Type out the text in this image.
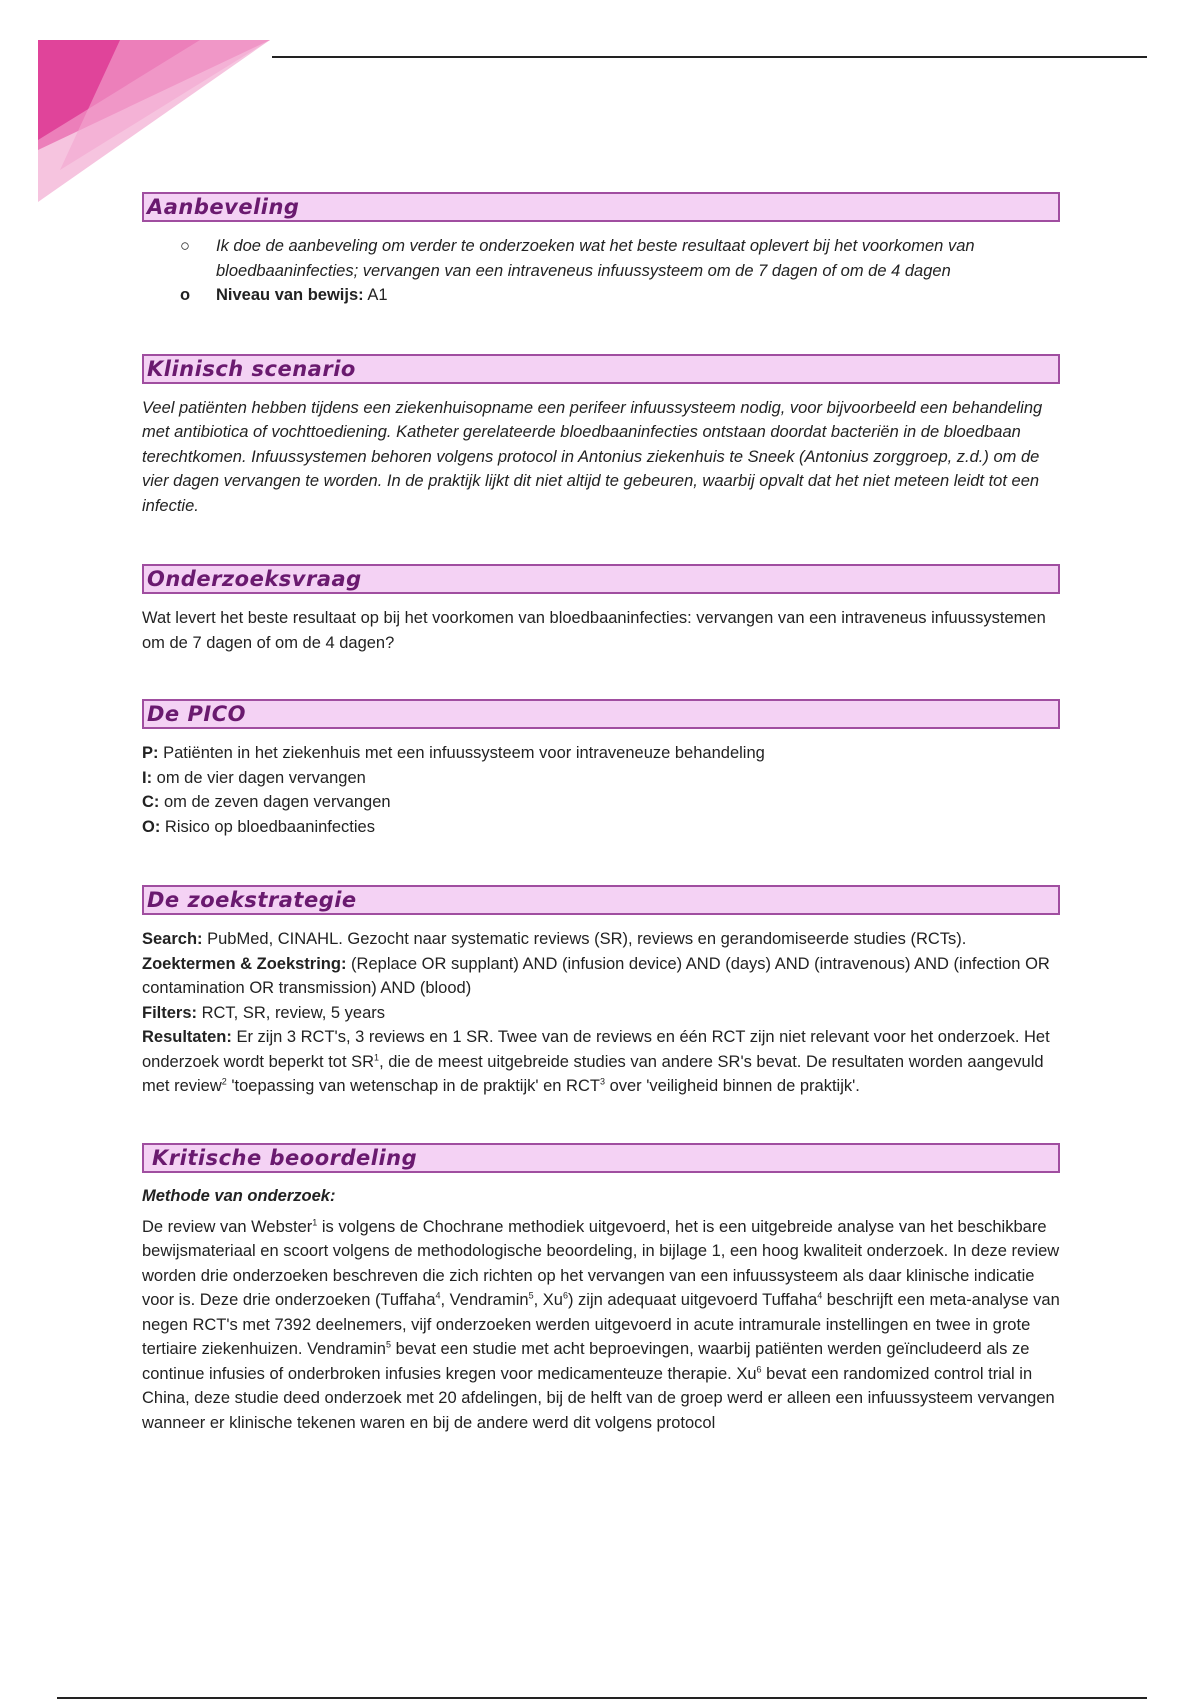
Aanbeveling
○ Ik doe de aanbeveling om verder te onderzoeken wat het beste resultaat oplevert bij het voorkomen van bloedbaaninfecties; vervangen van een intraveneus infuussysteem om de 7 dagen of om de 4 dagen
o Niveau van bewijs: A1
Klinisch scenario

Veel patiënten hebben tijdens een ziekenhuisopname een perifeer infuussysteem nodig, voor bijvoorbeeld een behandeling met antibiotica of vochttoediening. Katheter gerelateerde bloedbaaninfecties ontstaan doordat bacteriën in de bloedbaan terechtkomen. Infuussystemen behoren volgens protocol in Antonius ziekenhuis te Sneek (Antonius zorggroep, z.d.) om de vier dagen vervangen te worden. In de praktijk lijkt dit niet altijd te gebeuren, waarbij opvalt dat het niet meteen leidt tot een infectie.

Onderzoeksvraag

Wat levert het beste resultaat op bij het voorkomen van bloedbaaninfecties: vervangen van een intraveneus infuussystemen om de 7 dagen of om de 4 dagen?

De PICO

P: Patiënten in het ziekenhuis met een infuussysteem voor intraveneuze behandeling

I: om de vier dagen vervangen

C: om de zeven dagen vervangen

O: Risico op bloedbaaninfecties

De zoekstrategie

Search: PubMed, CINAHL. Gezocht naar systematic reviews (SR), reviews en gerandomiseerde studies (RCTs).

Zoektermen & Zoekstring: (Replace OR supplant) AND (infusion device) AND (days) AND (intravenous) AND (infection OR contamination OR transmission) AND (blood)

Filters: RCT, SR, review, 5 years

Resultaten: Er zijn 3 RCT's, 3 reviews en 1 SR. Twee van de reviews en één RCT zijn niet relevant voor het onderzoek. Het onderzoek wordt beperkt tot $SR^1$, die de meest uitgebreide studies van andere SR's bevat. De resultaten worden aangevuld met review$^2$ 'toepassing van wetenschap in de praktijk' en RCT$^3$ over 'veiligheid binnen de praktijk'.

Kritische beoordeling
Methode van onderzoek:

De review van Webster$^1$ is volgens de Chochrane methodiek uitgevoerd, het is een uitgebreide analyse van het beschikbare bewijsmateriaal en scoort volgens de methodologische beoordeling, in bijlage 1, een hoog kwaliteit onderzoek. In deze review worden drie onderzoeken beschreven die zich richten op het vervangen van een infuussysteem als daar klinische indicatie voor is. Deze drie onderzoeken (Tuffaha$^4$, Vendramin$^5$, Xu$^6$) zijn adequaat uitgevoerd Tuffaha$^4$ beschrijft een meta-analyse van negen RCT's met 7392 deelnemers, vijf onderzoeken werden uitgevoerd in acute intramurale instellingen en twee in grote tertiaire ziekenhuizen. Vendramin$^5$ bevat een studie met acht beproevingen, waarbij patiënten werden geïncludeerd als ze continue infusies of onderbroken infusies kregen voor medicamenteuze therapie. Xu$^6$ bevat een randomized control trial in China, deze studie deed onderzoek met 20 afdelingen, bij de helft van de groep werd er alleen een infuussysteem vervangen wanneer er klinische tekenen waren en bij de andere werd dit volgens protocol
